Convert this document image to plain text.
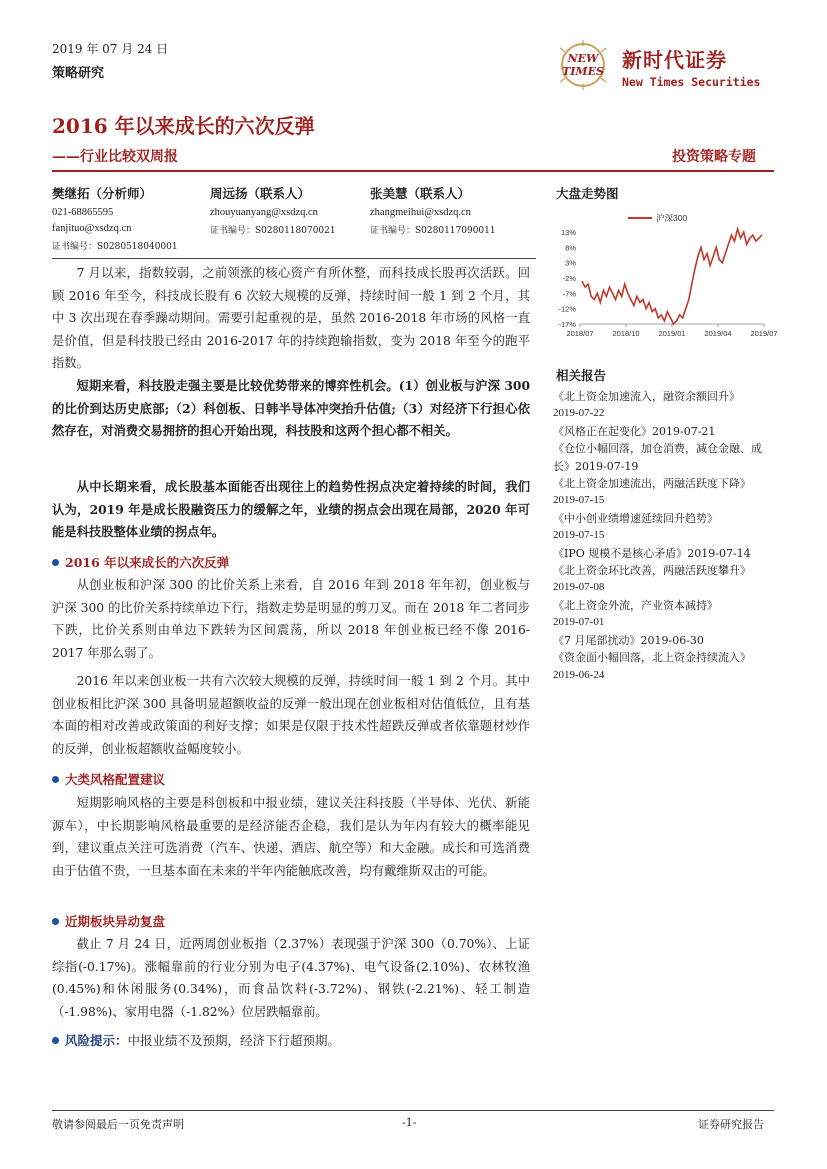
2019 年 07 月 24 日
策略研究
NEW
TIMES 新时代证券
New Times Securities
2016 年以来成长的六次反弹
——行业比较双周报	投资策略专题
樊继拓（分析师）
021-68865595
fanjituo@xsdzq.cn
证书编号：S0280518040001
周远扬（联系人）
zhouyuanyang@xsdzq.cn
证书编号：S0280118070021
张美慧（联系人）
zhangmeihui@xsdzq.cn
证书编号：S0280117090011
7 月以来，指数较弱，之前领涨的核心资产有所休整，而科技成长股再次活跃。回顾 2016 年至今，科技成长股有 6 次较大规模的反弹，持续时间一般 1 到 2 个月，其中 3 次出现在春季躁动期间。需要引起重视的是，虽然 2016-2018 年市场的风格一直是价值，但是科技股已经由 2016-2017 年的持续跑输指数，变为 2018 年至今的跑平指数。
短期来看，科技股走强主要是比较优势带来的博弈性机会。(1）创业板与沪深 300 的比价到达历史底部;（2）科创板、日韩半导体冲突抬升估值;（3）对经济下行担心依然存在，对消费交易拥挤的担心开始出现，科技股和这两个担心都不相关。
从中长期来看，成长股基本面能否出现往上的趋势性拐点决定着持续的时间，我们认为，2019 年是成长股融资压力的缓解之年，业绩的拐点会出现在局部，2020 年可能是科技股整体业绩的拐点年。
2016 年以来成长的六次反弹
从创业板和沪深 300 的比价关系上来看，自 2016 年到 2018 年年初，创业板与沪深 300 的比价关系持续单边下行，指数走势是明显的剪刀叉。而在 2018 年二者同步下跌，比价关系则由单边下跌转为区间震荡，所以 2018 年创业板已经不像 2016-2017 年那么弱了。
2016 年以来创业板一共有六次较大规模的反弹，持续时间一般 1 到 2 个月。其中创业板相比沪深 300 具备明显超额收益的反弹一般出现在创业板相对估值低位，且有基本面的相对改善或政策面的利好支撑；如果是仅限于技术性超跌反弹或者依靠题材炒作的反弹，创业板超额收益幅度较小。
大类风格配置建议
短期影响风格的主要是科创板和中报业绩，建议关注科技股（半导体、光伏、新能源车），中长期影响风格最重要的是经济能否企稳，我们是认为年内有较大的概率能见到，建议重点关注可选消费（汽车、快递、酒店、航空等）和大金融。成长和可选消费由于估值不贵，一旦基本面在未来的半年内能触底改善，均有戴维斯双击的可能。
近期板块异动复盘
截止 7 月 24 日，近两周创业板指（2.37%）表现强于沪深 300（0.70%）、上证综指(-0.17%)。涨幅靠前的行业分别为电子(4.37%)、电气设备(2.10%)、农林牧渔(0.45%)和休闲服务(0.34%)，而食品饮料(-3.72%)、钢铁(-2.21%)、轻工制造（-1.98%)、家用电器（-1.82%）位居跌幅靠前。
风险提示：中报业绩不及预期，经济下行超预期。
大盘走势图
13%
8%
3%
-2%
-7%
-12%
-17%
2018/07	2018/10	2019/01	2019/04	2019/07
沪深300
相关报告
《北上资金加速流入，融资余额回升》
2019-07-22
《风格正在起变化》2019-07-21
《仓位小幅回落，加仓消费，减仓金融、成长》2019-07-19
《北上资金加速流出，两融活跃度下降》
2019-07-15
《中小创业绩增速延续回升趋势》
2019-07-15
《IPO 规模不是核心矛盾》2019-07-14
《北上资金环比改善，两融活跃度攀升》
2019-07-08
《北上资金外流，产业资本减持》
2019-07-01
《7 月尾部扰动》2019-06-30
《资金面小幅回落，北上资金持续流入》
2019-06-24
敬请参阅最后一页免责声明	-1-	证券研究报告
